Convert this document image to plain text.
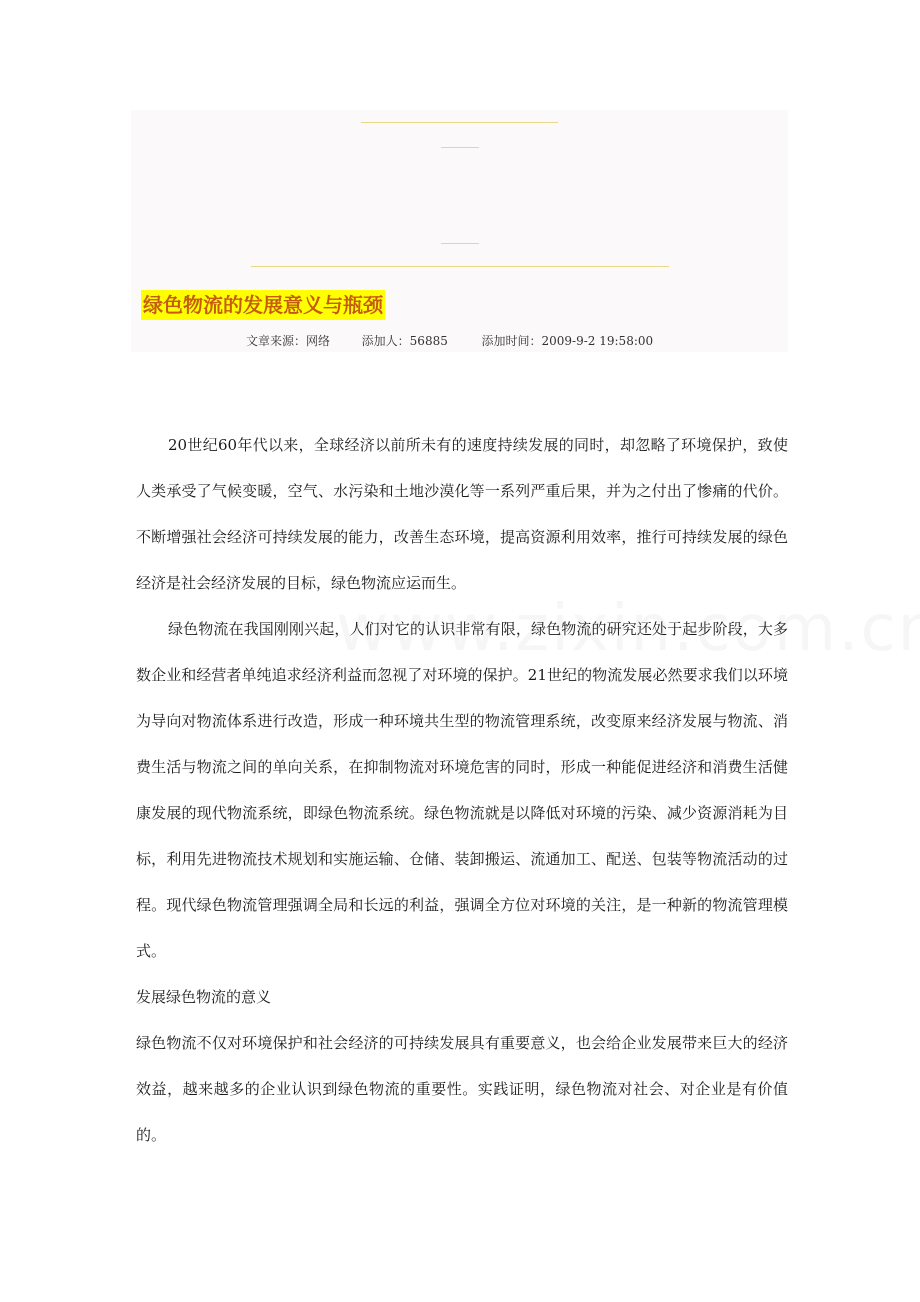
绿色物流的发展意义与瓶颈
文章来源：网络	添加人：56885	添加时间：2009-9-2 19:58:00

20世纪60年代以来，全球经济以前所未有的速度持续发展的同时，却忽略了环境保护，致使人类承受了气候变暖，空气、水污染和土地沙漠化等一系列严重后果，并为之付出了惨痛的代价。不断增强社会经济可持续发展的能力，改善生态环境，提高资源利用效率，推行可持续发展的绿色经济是社会经济发展的目标，绿色物流应运而生。

绿色物流在我国刚刚兴起，人们对它的认识非常有限，绿色物流的研究还处于起步阶段，大多数企业和经营者单纯追求经济利益而忽视了对环境的保护。21世纪的物流发展必然要求我们以环境为导向对物流体系进行改造，形成一种环境共生型的物流管理系统，改变原来经济发展与物流、消费生活与物流之间的单向关系，在抑制物流对环境危害的同时，形成一种能促进经济和消费生活健康发展的现代物流系统，即绿色物流系统。绿色物流就是以降低对环境的污染、减少资源消耗为目标，利用先进物流技术规划和实施运输、仓储、装卸搬运、流通加工、配送、包装等物流活动的过程。现代绿色物流管理强调全局和长远的利益，强调全方位对环境的关注，是一种新的物流管理模式。

发展绿色物流的意义

绿色物流不仅对环境保护和社会经济的可持续发展具有重要意义，也会给企业发展带来巨大的经济效益，越来越多的企业认识到绿色物流的重要性。实践证明，绿色物流对社会、对企业是有价值的。
